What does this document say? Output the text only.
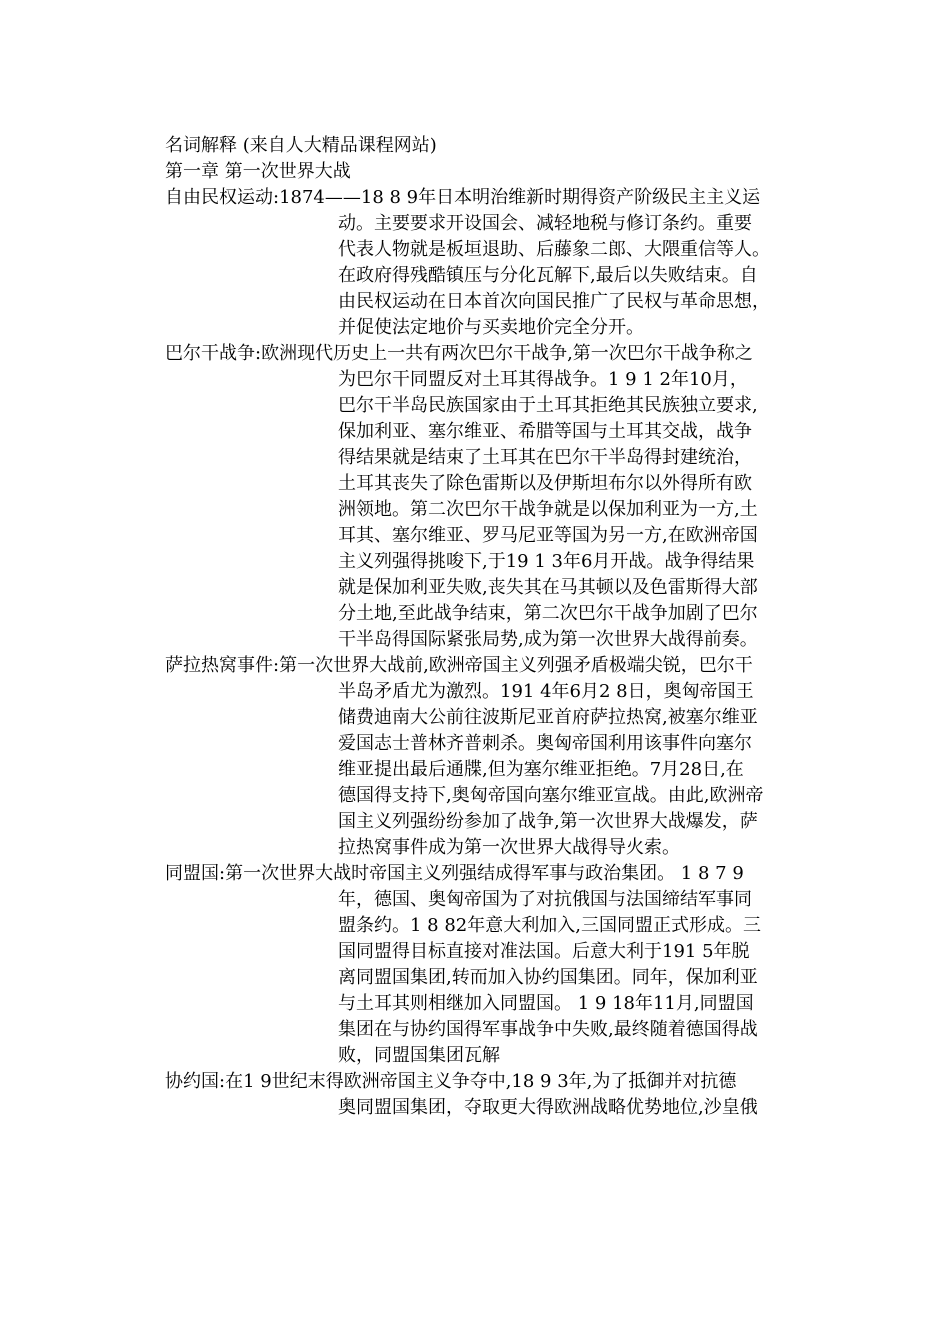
名词解释 (来自人大精品课程网站)
第一章 第一次世界大战
自由民权运动:1874——18 8 9年日本明治维新时期得资产阶级民主主义运
动。主要要求开设国会、减轻地税与修订条约。重要
代表人物就是板垣退助、后藤象二郎、大隈重信等人。
在政府得残酷镇压与分化瓦解下,最后以失败结束。自
由民权运动在日本首次向国民推广了民权与革命思想，
并促使法定地价与买卖地价完全分开。
巴尔干战争:欧洲现代历史上一共有两次巴尔干战争,第一次巴尔干战争称之
为巴尔干同盟反对土耳其得战争。1 9 1 2年10月，
巴尔干半岛民族国家由于土耳其拒绝其民族独立要求,
保加利亚、塞尔维亚、希腊等国与土耳其交战，战争
得结果就是结束了土耳其在巴尔干半岛得封建统治，
土耳其丧失了除色雷斯以及伊斯坦布尔以外得所有欧
洲领地。第二次巴尔干战争就是以保加利亚为一方,土
耳其、塞尔维亚、罗马尼亚等国为另一方,在欧洲帝国
主义列强得挑唆下,于19 1 3年6月开战。战争得结果
就是保加利亚失败,丧失其在马其顿以及色雷斯得大部
分土地,至此战争结束，第二次巴尔干战争加剧了巴尔
干半岛得国际紧张局势,成为第一次世界大战得前奏。
萨拉热窝事件:第一次世界大战前,欧洲帝国主义列强矛盾极端尖锐，巴尔干
半岛矛盾尤为激烈。191 4年6月2 8日，奥匈帝国王
储费迪南大公前往波斯尼亚首府萨拉热窝,被塞尔维亚
爱国志士普林齐普刺杀。奥匈帝国利用该事件向塞尔
维亚提出最后通牒,但为塞尔维亚拒绝。7月28日,在
德国得支持下,奥匈帝国向塞尔维亚宣战。由此,欧洲帝
国主义列强纷纷参加了战争,第一次世界大战爆发，萨
拉热窝事件成为第一次世界大战得导火索。
同盟国:第一次世界大战时帝国主义列强结成得军事与政治集团。 1 8 7 9
年，德国、奥匈帝国为了对抗俄国与法国缔结军事同
盟条约。1 8 82年意大利加入,三国同盟正式形成。三
国同盟得目标直接对准法国。后意大利于191 5年脱
离同盟国集团,转而加入协约国集团。同年，保加利亚
与土耳其则相继加入同盟国。 1 9 18年11月,同盟国
集团在与协约国得军事战争中失败,最终随着德国得战
败，同盟国集团瓦解
协约国:在1 9世纪末得欧洲帝国主义争夺中,18 9 3年,为了抵御并对抗德
奥同盟国集团，夺取更大得欧洲战略优势地位,沙皇俄
